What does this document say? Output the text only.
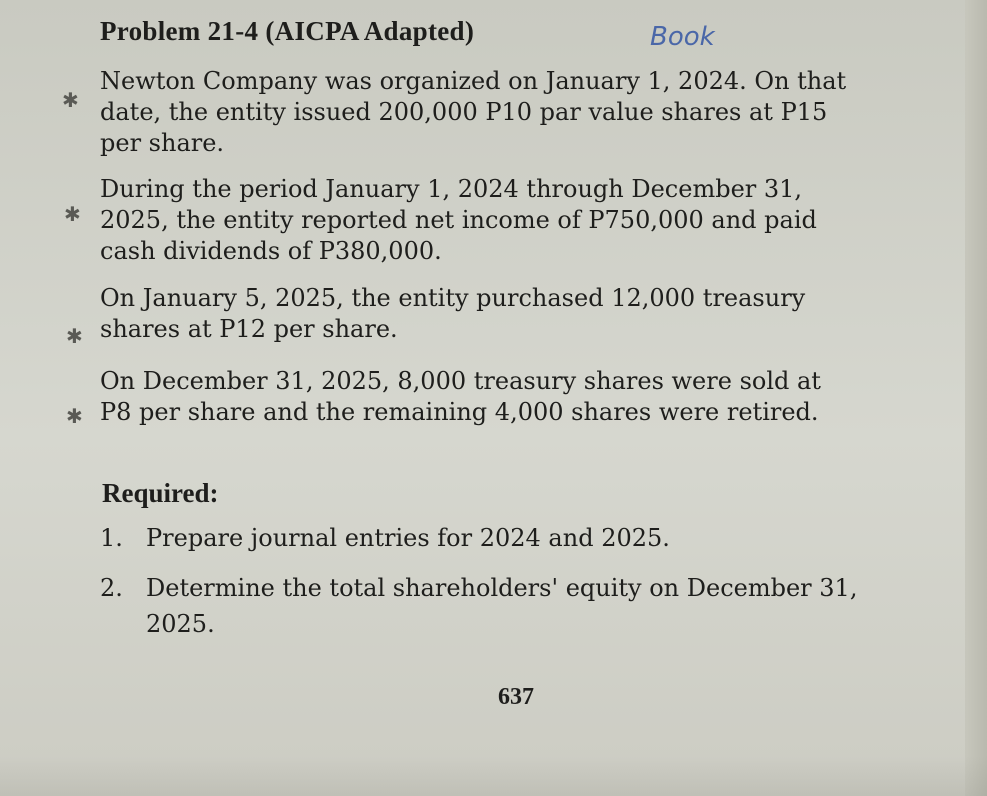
Problem 21-4 (AICPA Adapted)	Book
✱
Newton Company was organized on January 1, 2024. On that
date, the entity issued 200,000 P10 par value shares at P15
per share.
✱
During the period January 1, 2024 through December 31,
2025, the entity reported net income of P750,000 and paid
cash dividends of P380,000.
✱
On January 5, 2025, the entity purchased 12,000 treasury
shares at P12 per share.
✱
On December 31, 2025, 8,000 treasury shares were sold at
P8 per share and the remaining 4,000 shares were retired.
Required:
1. Prepare journal entries for 2024 and 2025.
2. Determine the total shareholders' equity on December 31, 2025.
637
